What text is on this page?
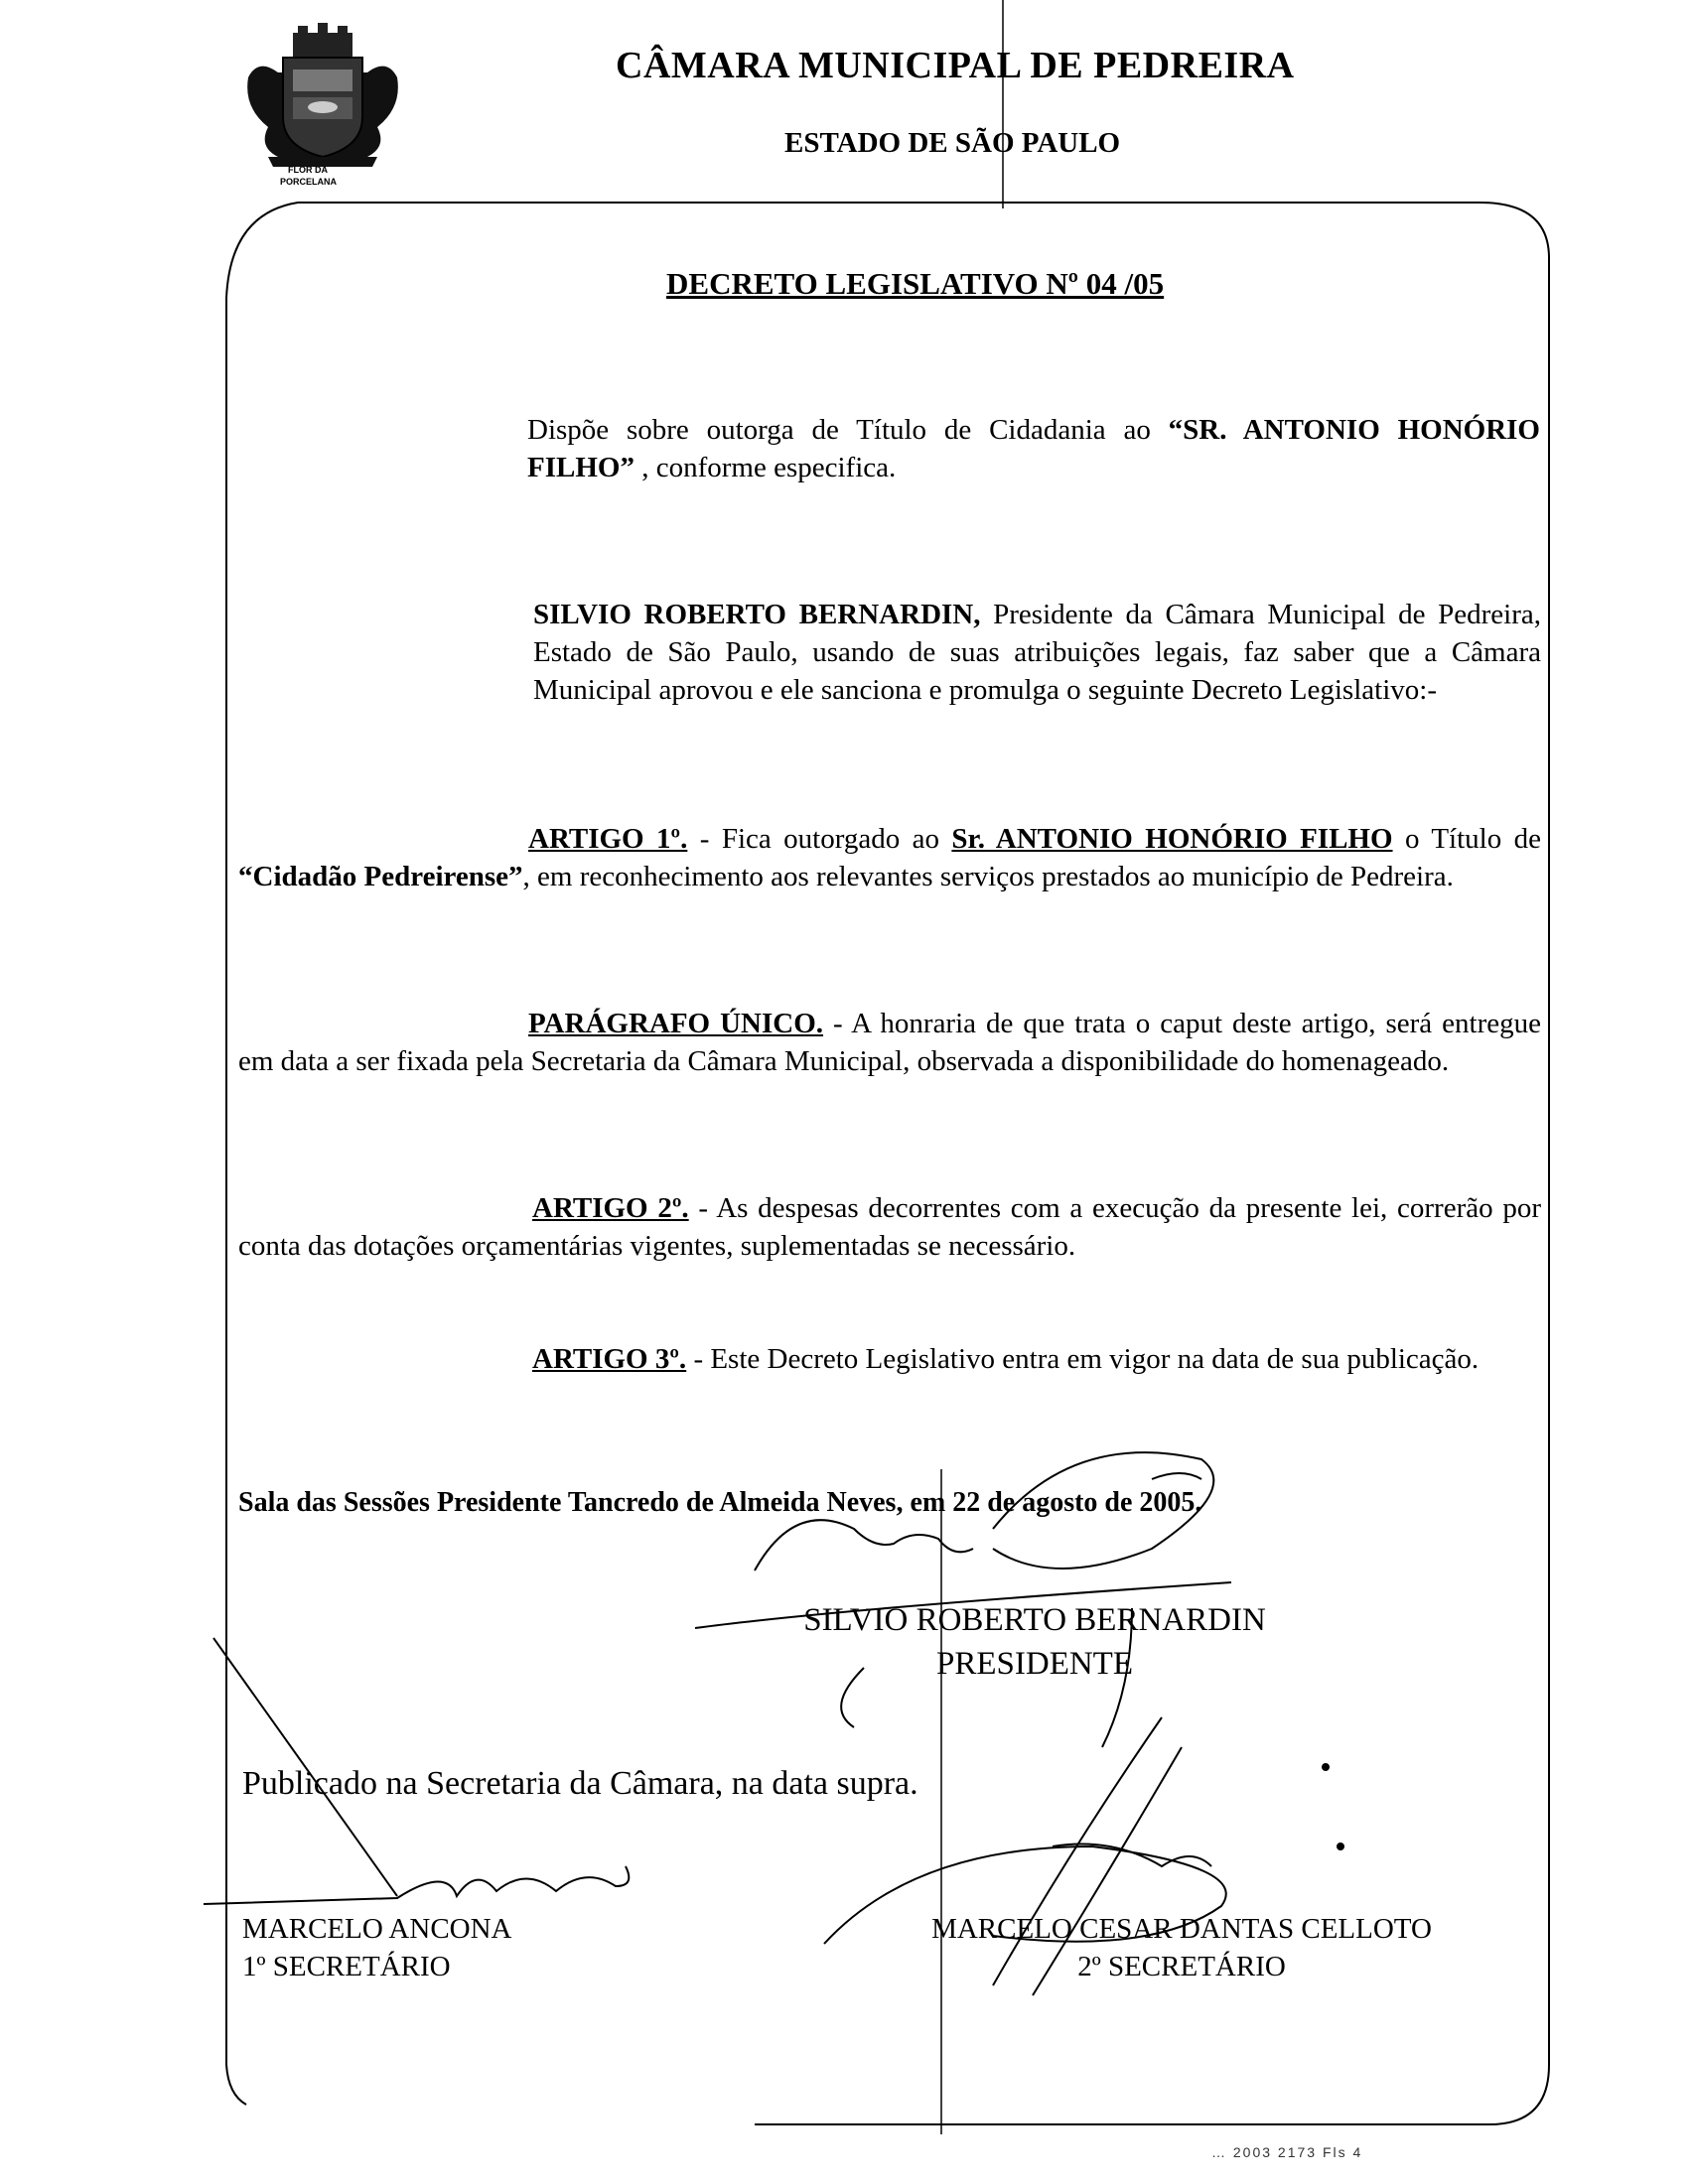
FLOR DA
PORCELANA
CÂMARA MUNICIPAL DE PEDREIRA
ESTADO DE SÃO PAULO
DECRETO LEGISLATIVO Nº 04 /05
Dispõe sobre outorga de Título de Cidadania ao “SR. ANTONIO HONÓRIO FILHO” , conforme especifica.
SILVIO ROBERTO BERNARDIN, Presidente da Câmara Municipal de Pedreira, Estado de São Paulo, usando de suas atribuições legais, faz saber que a Câmara Municipal aprovou e ele sanciona e promulga o seguinte Decreto Legislativo:-
ARTIGO 1º. - Fica outorgado ao Sr. ANTONIO HONÓRIO FILHO o Título de “Cidadão Pedreirense”, em reconhecimento aos relevantes serviços prestados ao município de Pedreira.
PARÁGRAFO ÚNICO. - A honraria de que trata o caput deste artigo, será entregue em data a ser fixada pela Secretaria da Câmara Municipal, observada a disponibilidade do homenageado.
ARTIGO 2º. - As despesas decorrentes com a execução da presente lei, correrão por conta das dotações orçamentárias vigentes, suplementadas se necessário.
ARTIGO 3º. - Este Decreto Legislativo entra em vigor na data de sua publicação.
Sala das Sessões Presidente Tancredo de Almeida Neves, em 22 de agosto de 2005.
SILVIO ROBERTO BERNARDIN
PRESIDENTE
Publicado na Secretaria da Câmara, na data supra.
MARCELO ANCONA
1º SECRETÁRIO
MARCELO CESAR DANTAS CELLOTO
2º SECRETÁRIO
… 2003 2173 Fls 4
